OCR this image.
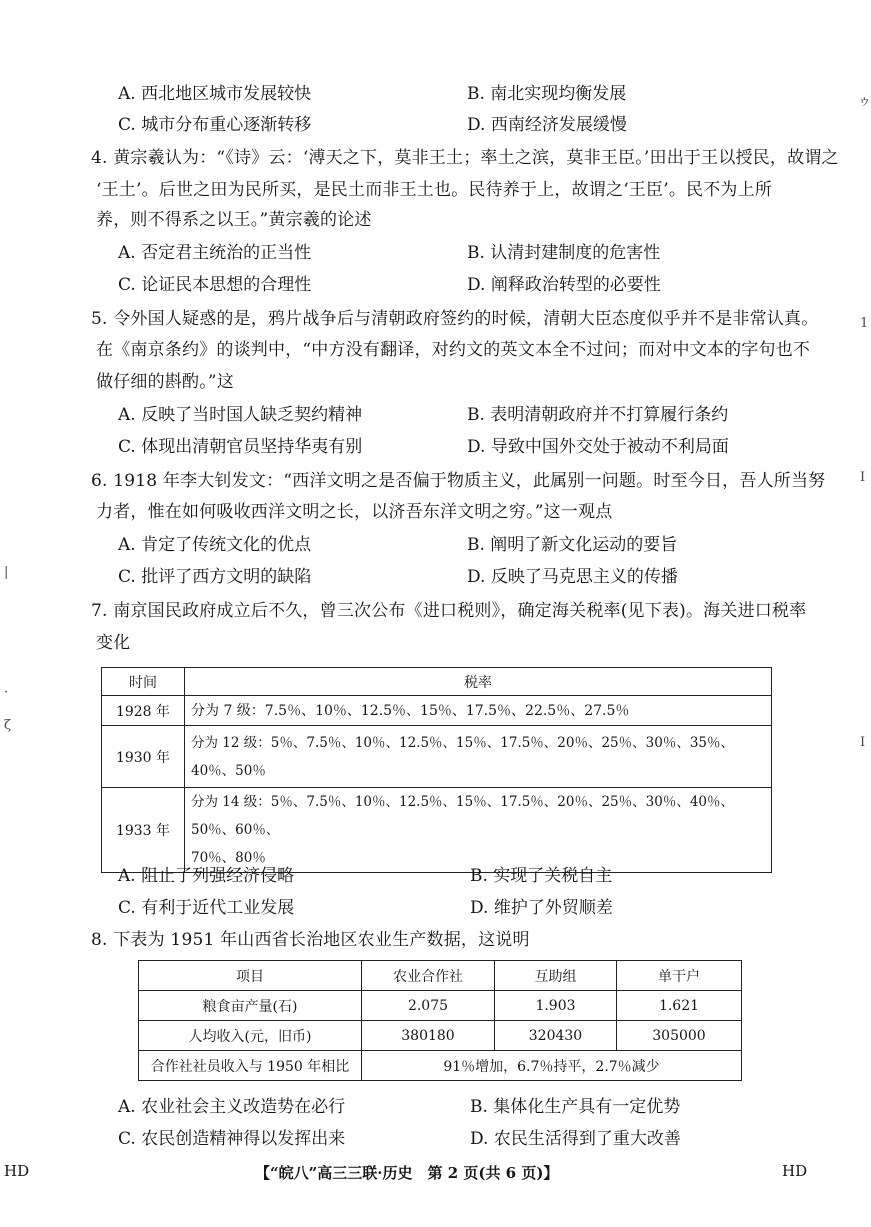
A. 西北地区城市发展较快	B. 南北实现均衡发展
C. 城市分布重心逐渐转移	D. 西南经济发展缓慢
4. 黄宗羲认为：“《诗》云：‘溥天之下，莫非王土；率土之滨，莫非王臣。’田出于王以授民，故谓之
‘王土’。后世之田为民所买，是民土而非王土也。民待养于上，故谓之‘王臣’。民不为上所
养，则不得系之以王。”黄宗羲的论述
A. 否定君主统治的正当性	B. 认清封建制度的危害性
C. 论证民本思想的合理性	D. 阐释政治转型的必要性
5. 令外国人疑惑的是，鸦片战争后与清朝政府签约的时候，清朝大臣态度似乎并不是非常认真。
在《南京条约》的谈判中，“中方没有翻译，对约文的英文本全不过问；而对中文本的字句也不
做仔细的斟酌。”这
A. 反映了当时国人缺乏契约精神	B. 表明清朝政府并不打算履行条约
C. 体现出清朝官员坚持华夷有别	D. 导致中国外交处于被动不利局面
6. 1918 年李大钊发文：“西洋文明之是否偏于物质主义，此属别一问题。时至今日，吾人所当努
力者，惟在如何吸收西洋文明之长，以济吾东洋文明之穷。”这一观点
A. 肯定了传统文化的优点	B. 阐明了新文化运动的要旨
C. 批评了西方文明的缺陷	D. 反映了马克思主义的传播
7. 南京国民政府成立后不久，曾三次公布《进口税则》，确定海关税率(见下表)。海关进口税率
变化
时间	税率
1928 年	分为 7 级：7.5％、10％、12.5％、15％、17.5％、22.5％、27.5％
1930 年	分为 12 级：5％、7.5％、10％、12.5％、15％、17.5％、20％、25％、30％、35％、40％、50％
1933 年	分为 14 级：5％、7.5％、10％、12.5％、15％、17.5％、20％、25％、30％、40％、50％、60％、
70％、80％
A. 阻止了列强经济侵略	B. 实现了关税自主
C. 有利于近代工业发展	D. 维护了外贸顺差
8. 下表为 1951 年山西省长治地区农业生产数据，这说明
项目	农业合作社	互助组	单干户
粮食亩产量(石)	2.075	1.903	1.621
人均收入(元，旧币)	380180	320430	305000
合作社社员收入与 1950 年相比	91％增加，6.7％持平，2.7％减少		
A. 农业社会主义改造势在必行	B. 集体化生产具有一定优势
C. 农民创造精神得以发挥出来	D. 农民生活得到了重大改善
HD	【“皖八”高三三联·历史　第 2 页(共 6 页)】	HD
ゥ
1
I
|
·
ζ
I
